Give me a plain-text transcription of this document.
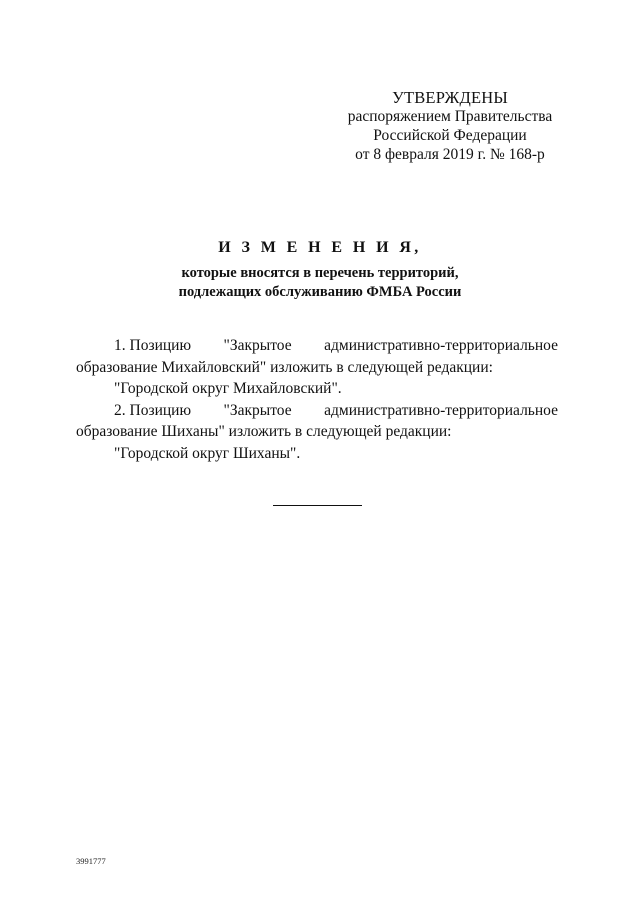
УТВЕРЖДЕНЫ
распоряжением Правительства
Российской Федерации
от 8 февраля 2019 г. № 168-р
И З М Е Н Е Н И Я,
которые вносятся в перечень территорий,
подлежащих обслуживанию ФМБА России
1. Позицию "Закрытое административно-территориальное
образование Михайловский" изложить в следующей редакции:
"Городской округ Михайловский".
2. Позицию "Закрытое административно-территориальное
образование Шиханы" изложить в следующей редакции:
"Городской округ Шиханы".
3991777
